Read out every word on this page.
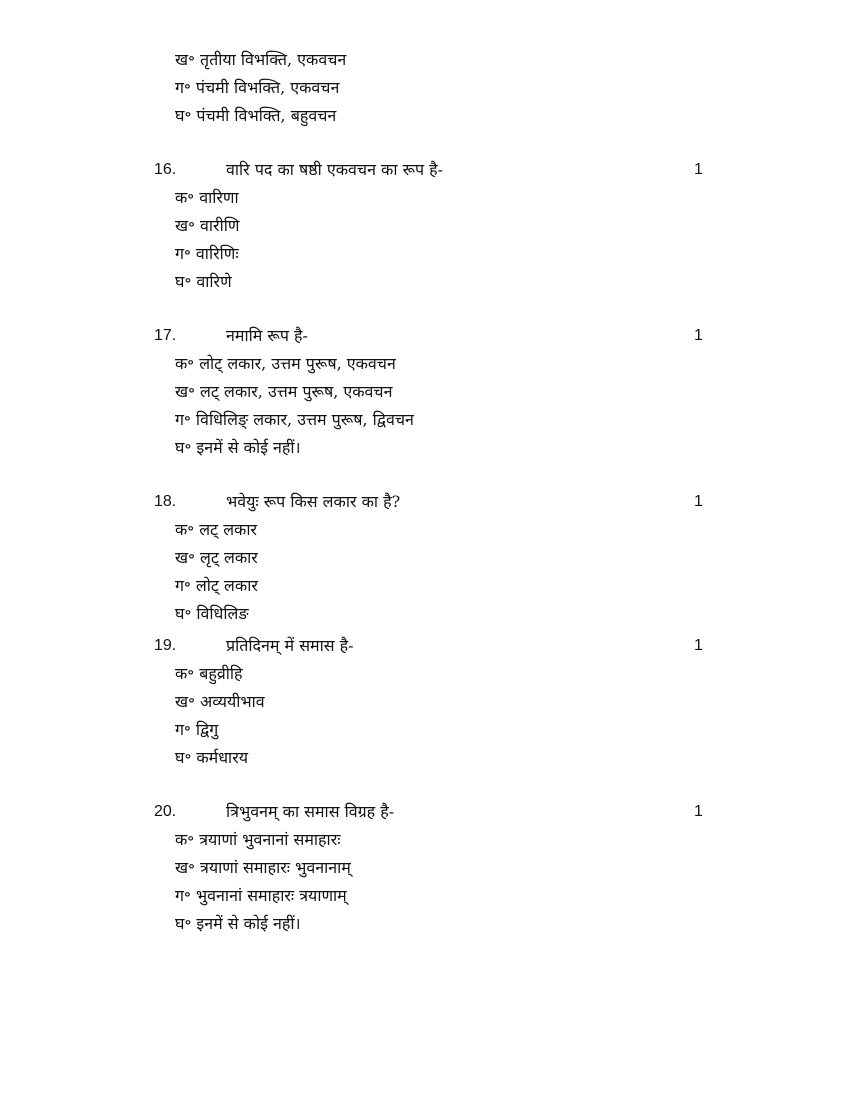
ख॰ तृतीया विभक्ति, एकवचन
ग॰ पंचमी विभक्ति, एकवचन
घ॰ पंचमी विभक्ति, बहुवचन
16.	वारि पद का षष्ठी एकवचन का रूप है-	1
क॰ वारिणा
ख॰ वारीणि
ग॰ वारिणिः
घ॰ वारिणे
17.	नमामि रूप है-	1
क॰ लोट् लकार, उत्तम पुरूष, एकवचन
ख॰ लट् लकार, उत्तम पुरूष, एकवचन
ग॰ विधिलिङ् लकार, उत्तम पुरूष, द्विवचन
घ॰ इनमें से कोई नहीं।
18.	भवेयुः रूप किस लकार का है?	1
क॰ लट् लकार
ख॰ लृट् लकार
ग॰ लोट् लकार
घ॰ विधिलिङ
19.	प्रतिदिनम् में समास है-	1
क॰ बहुव्रीहि
ख॰ अव्ययीभाव
ग॰ द्विगु
घ॰ कर्मधारय
20.	त्रिभुवनम् का समास विग्रह है-	1
क॰ त्रयाणां भुवनानां समाहारः
ख॰ त्रयाणां समाहारः भुवनानाम्
ग॰ भुवनानां समाहारः त्रयाणाम्
घ॰ इनमें से कोई नहीं।
